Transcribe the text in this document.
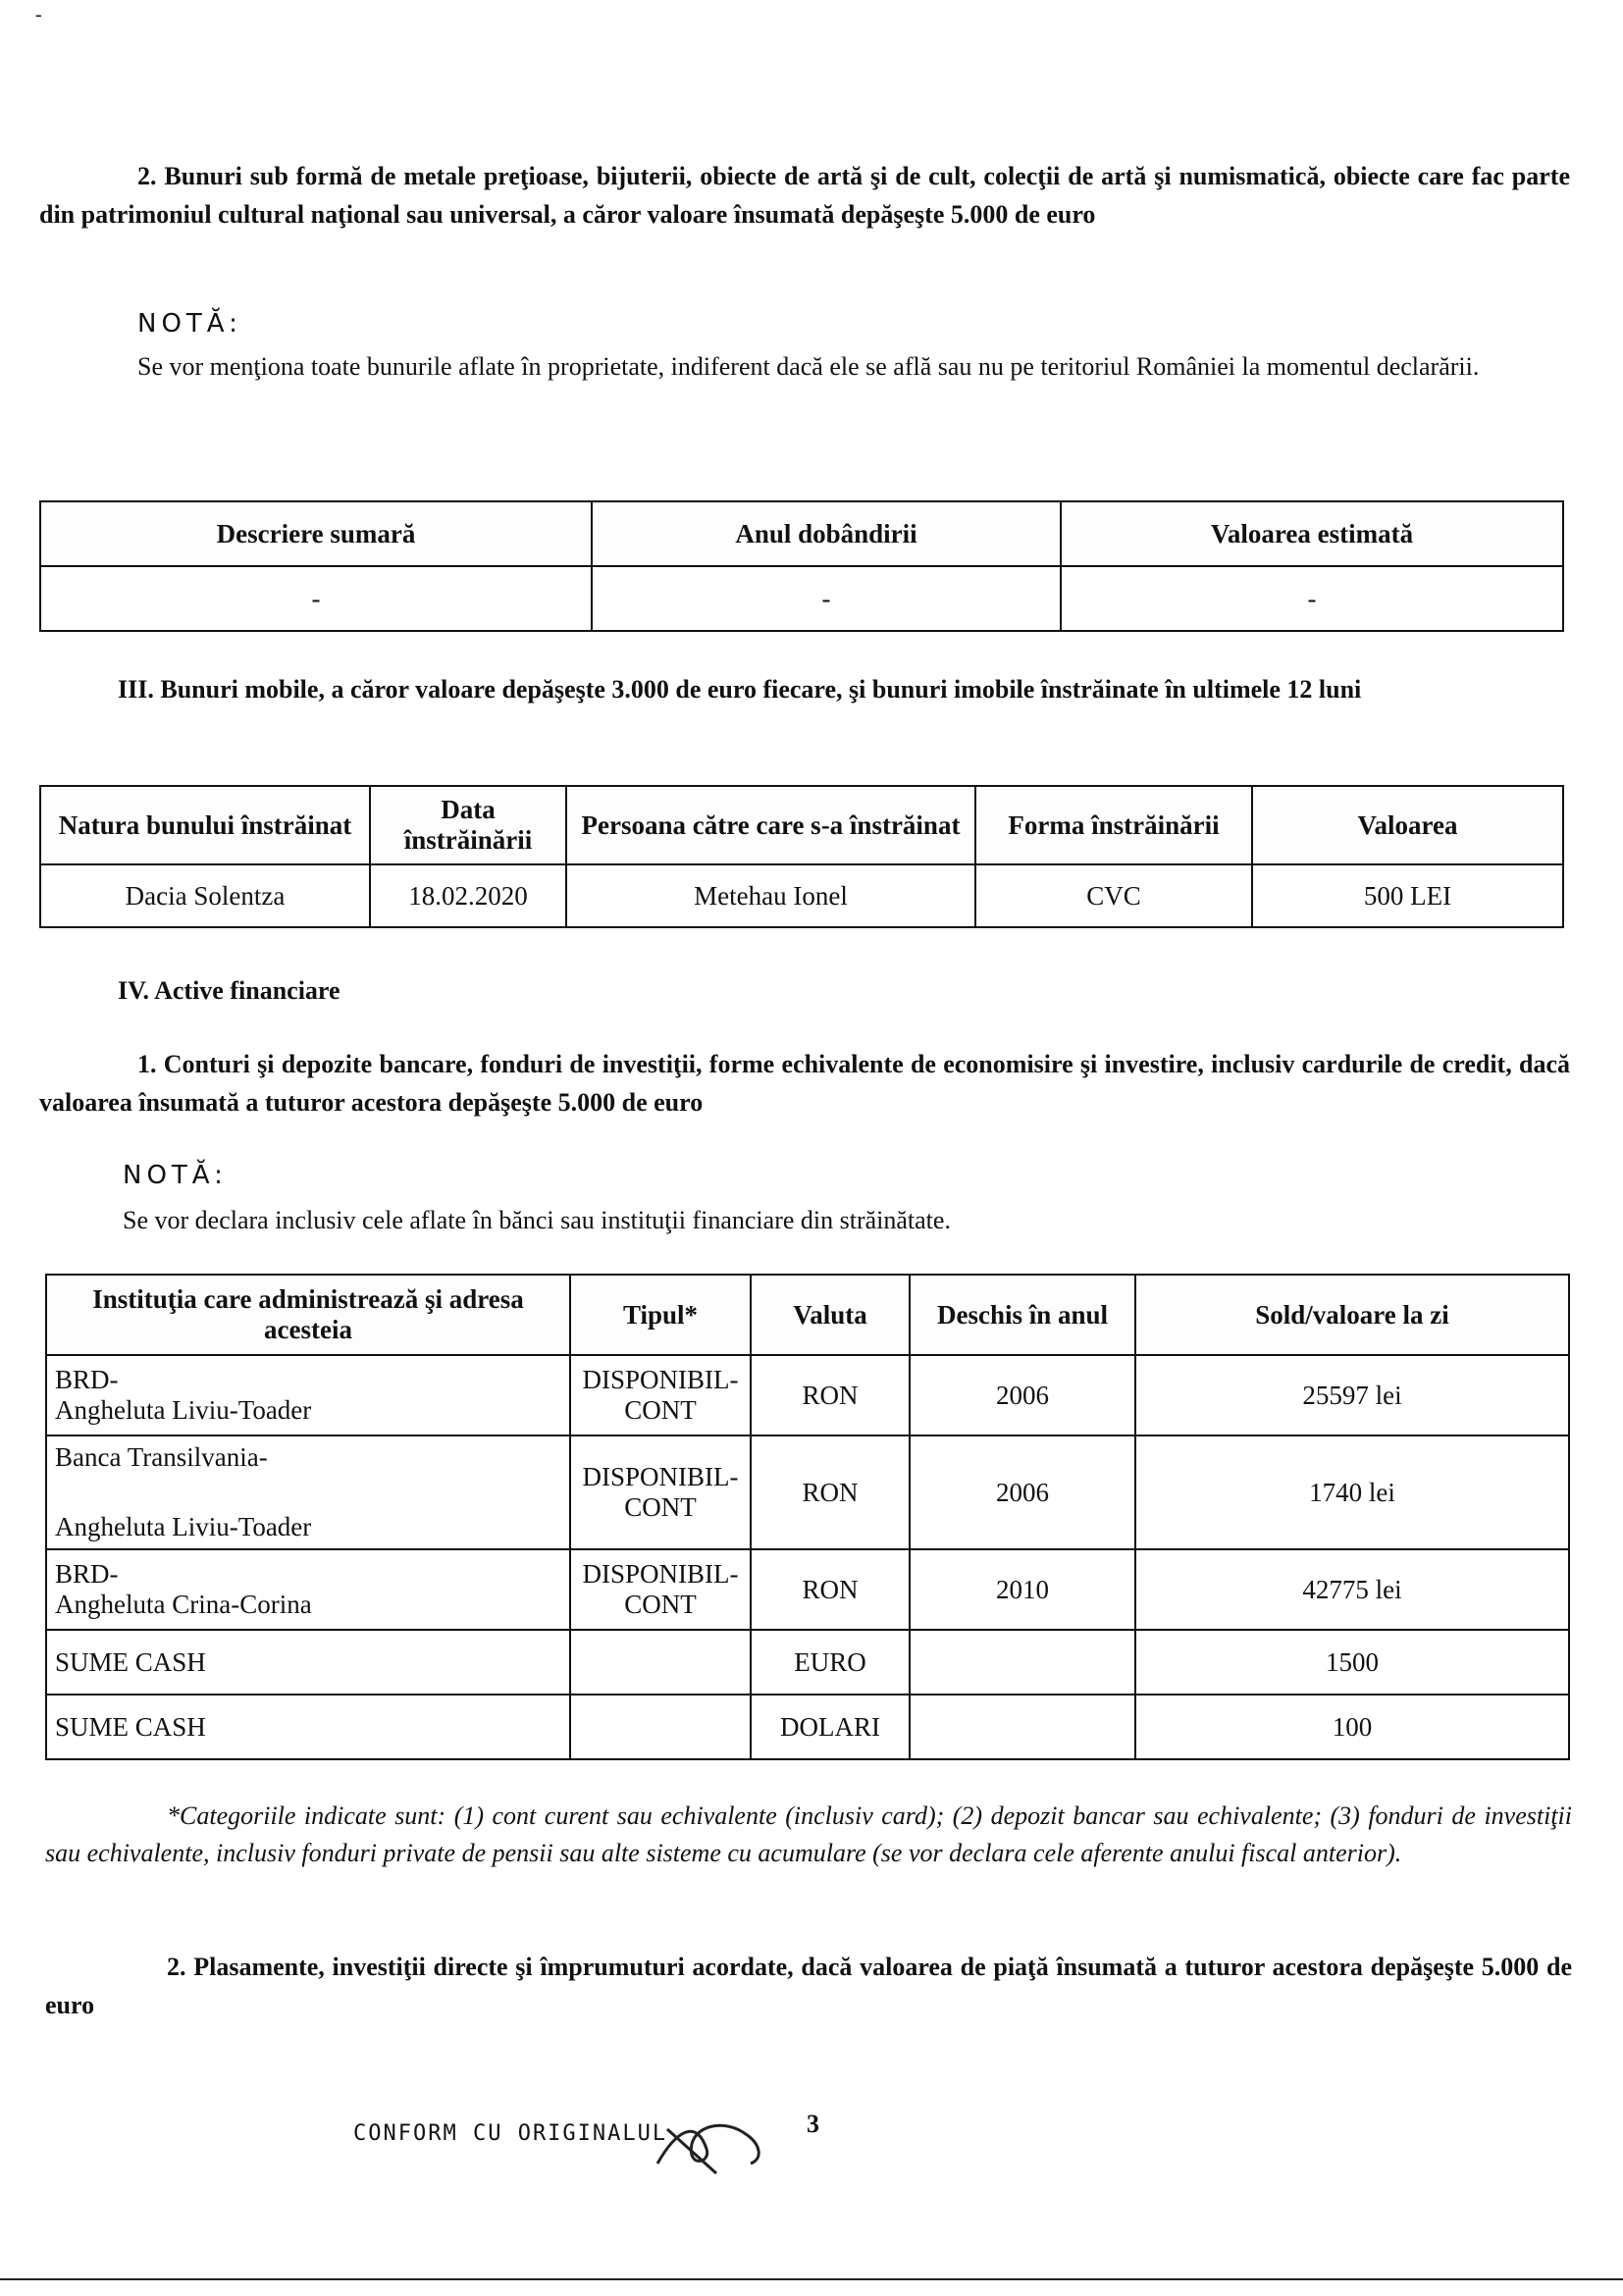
-
2. Bunuri sub formă de metale preţioase, bijuterii, obiecte de artă şi de cult, colecţii de artă şi numismatică, obiecte care fac parte din patrimoniul cultural naţional sau universal, a căror valoare însumată depăşeşte 5.000 de euro
NOTĂ:
Se vor menţiona toate bunurile aflate în proprietate, indiferent dacă ele se află sau nu pe teritoriul României la momentul declarării.
Descriere sumară	Anul dobândirii	Valoarea estimată
-	-	-
III. Bunuri mobile, a căror valoare depăşeşte 3.000 de euro fiecare, şi bunuri imobile înstrăinate în ultimele 12 luni
Natura bunului înstrăinat	Data înstrăinării	Persoana către care s-a înstrăinat	Forma înstrăinării	Valoarea
Dacia Solentza	18.02.2020	Metehau Ionel	CVC	500 LEI
IV. Active financiare
1. Conturi şi depozite bancare, fonduri de investiţii, forme echivalente de economisire şi investire, inclusiv cardurile de credit, dacă valoarea însumată a tuturor acestora depăşeşte 5.000 de euro
NOTĂ:
Se vor declara inclusiv cele aflate în bănci sau instituţii financiare din străinătate.
Instituţia care administrează şi adresa acesteia	Tipul*	Valuta	Deschis în anul	Sold/valoare la zi

BRD-
Angheluta Liviu-Toader	DISPONIBIL-CONT	RON	2006	25597 lei

Banca Transilvania-
Angheluta Liviu-Toader	DISPONIBIL-CONT	RON	2006	1740 lei

BRD-
Angheluta Crina-Corina	DISPONIBIL-CONT	RON	2010	42775 lei
SUME CASH		EURO		1500
SUME CASH		DOLARI		100
*Categoriile indicate sunt: (1) cont curent sau echivalente (inclusiv card); (2) depozit bancar sau echivalente; (3) fonduri de investiţii sau echivalente, inclusiv fonduri private de pensii sau alte sisteme cu acumulare (se vor declara cele aferente anului fiscal anterior).
2. Plasamente, investiţii directe şi împrumuturi acordate, dacă valoarea de piaţă însumată a tuturor acestora depăşeşte 5.000 de euro
CONFORM CU ORIGINALUL	3
